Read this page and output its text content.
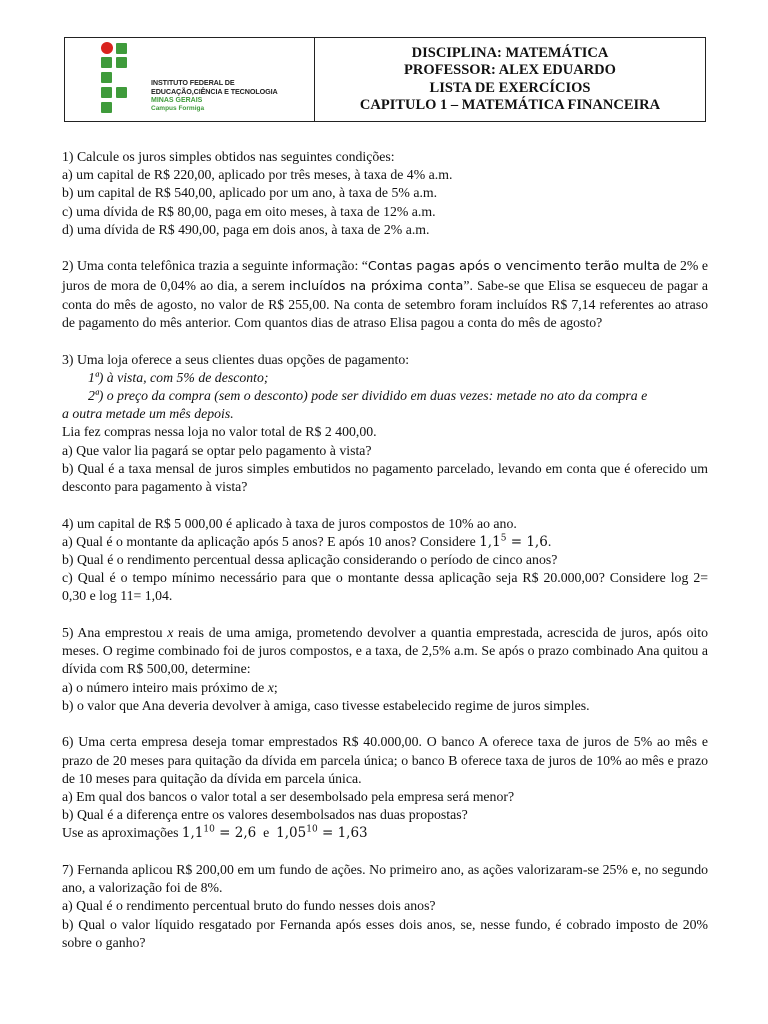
INSTITUTO FEDERAL DE
EDUCAÇÃO,CIÊNCIA E TECNOLOGIA
MINAS GERAIS
Campus Formiga
DISCIPLINA: MATEMÁTICA
PROFESSOR: ALEX EDUARDO
LISTA DE EXERCÍCIOS
CAPITULO 1 – MATEMÁTICA FINANCEIRA

1) Calcule os juros simples obtidos nas seguintes condições:

a) um capital de R$ 220,00, aplicado por três meses, à taxa de 4% a.m.

b) um capital de R$ 540,00, aplicado por um ano, à taxa de 5% a.m.

c) uma dívida de R$ 80,00, paga em oito meses, à taxa de 12% a.m.

d) uma dívida de R$ 490,00, paga em dois anos, à taxa de 2% a.m.

2) Uma conta telefônica trazia a seguinte informação: “Contas pagas após o vencimento terão multa de 2% e juros de mora de 0,04% ao dia, a serem incluídos na próxima conta”. Sabe-se que Elisa se esqueceu de pagar a conta do mês de agosto, no valor de R$ 255,00. Na conta de setembro foram incluídos R$ 7,14 referentes ao atraso de pagamento do mês anterior. Com quantos dias de atraso Elisa pagou a conta do mês de agosto?

3) Uma loja oferece a seus clientes duas opções de pagamento:

1ª) à vista, com 5% de desconto;

2ª) o preço da compra (sem o desconto) pode ser dividido em duas vezes: metade no ato da compra e

a outra metade um mês depois.

Lia fez compras nessa loja no valor total de R$ 2 400,00.

a) Que valor lia pagará se optar pelo pagamento à vista?

b) Qual é a taxa mensal de juros simples embutidos no pagamento parcelado, levando em conta que é oferecido um desconto para pagamento à vista?

4) um capital de R$ 5 000,00 é aplicado à taxa de juros compostos de 10% ao ano.

a) Qual é o montante da aplicação após 5 anos? E após 10 anos? Considere $1,1^5 = 1,6$.

b) Qual é o rendimento percentual dessa aplicação considerando o período de cinco anos?

c) Qual é o tempo mínimo necessário para que o montante dessa aplicação seja R$ 20.000,00? Considere log 2= 0,30 e log 11= 1,04.

5) Ana emprestou x reais de uma amiga, prometendo devolver a quantia emprestada, acrescida de juros, após oito meses. O regime combinado foi de juros compostos, e a taxa, de 2,5% a.m. Se após o prazo combinado Ana quitou a dívida com R$ 500,00, determine:

a) o número inteiro mais próximo de x;

b) o valor que Ana deveria devolver à amiga, caso tivesse estabelecido regime de juros simples.

6) Uma certa empresa deseja tomar emprestados R$ 40.000,00. O banco A oferece taxa de juros de 5% ao mês e prazo de 20 meses para quitação da dívida em parcela única; o banco B oferece taxa de juros de 10% ao mês e prazo de 10 meses para quitação da dívida em parcela única.

a) Em qual dos bancos o valor total a ser desembolsado pela empresa será menor?

b) Qual é a diferença entre os valores desembolsados nas duas propostas?

Use as aproximações $1,1^{10} = 2,6$  e  $1,05^{10} = 1,63$

7) Fernanda aplicou R$ 200,00 em um fundo de ações. No primeiro ano, as ações valorizaram-se 25% e, no segundo ano, a valorização foi de 8%.

a) Qual é o rendimento percentual bruto do fundo nesses dois anos?

b) Qual o valor líquido resgatado por Fernanda após esses dois anos, se, nesse fundo, é cobrado imposto de 20% sobre o ganho?
